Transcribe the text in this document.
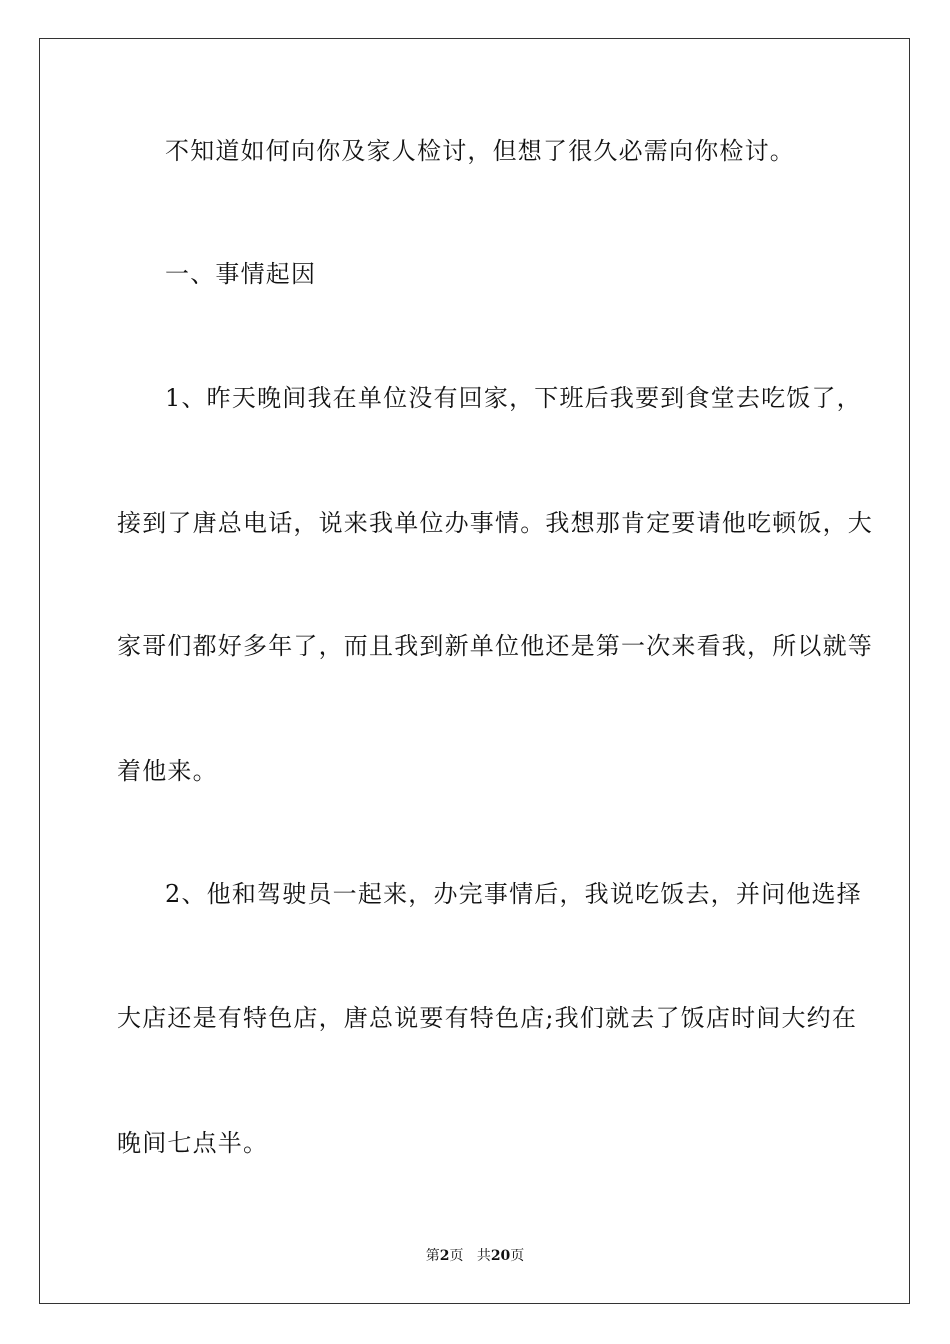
不知道如何向你及家人检讨，但想了很久必需向你检讨。
一、事情起因
1、昨天晚间我在单位没有回家，下班后我要到食堂去吃饭了，
接到了唐总电话，说来我单位办事情。我想那肯定要请他吃顿饭，大
家哥们都好多年了，而且我到新单位他还是第一次来看我，所以就等
着他来。
2、他和驾驶员一起来，办完事情后，我说吃饭去，并问他选择
大店还是有特色店，唐总说要有特色店;我们就去了饭店时间大约在
晚间七点半。
第2页 共20页
